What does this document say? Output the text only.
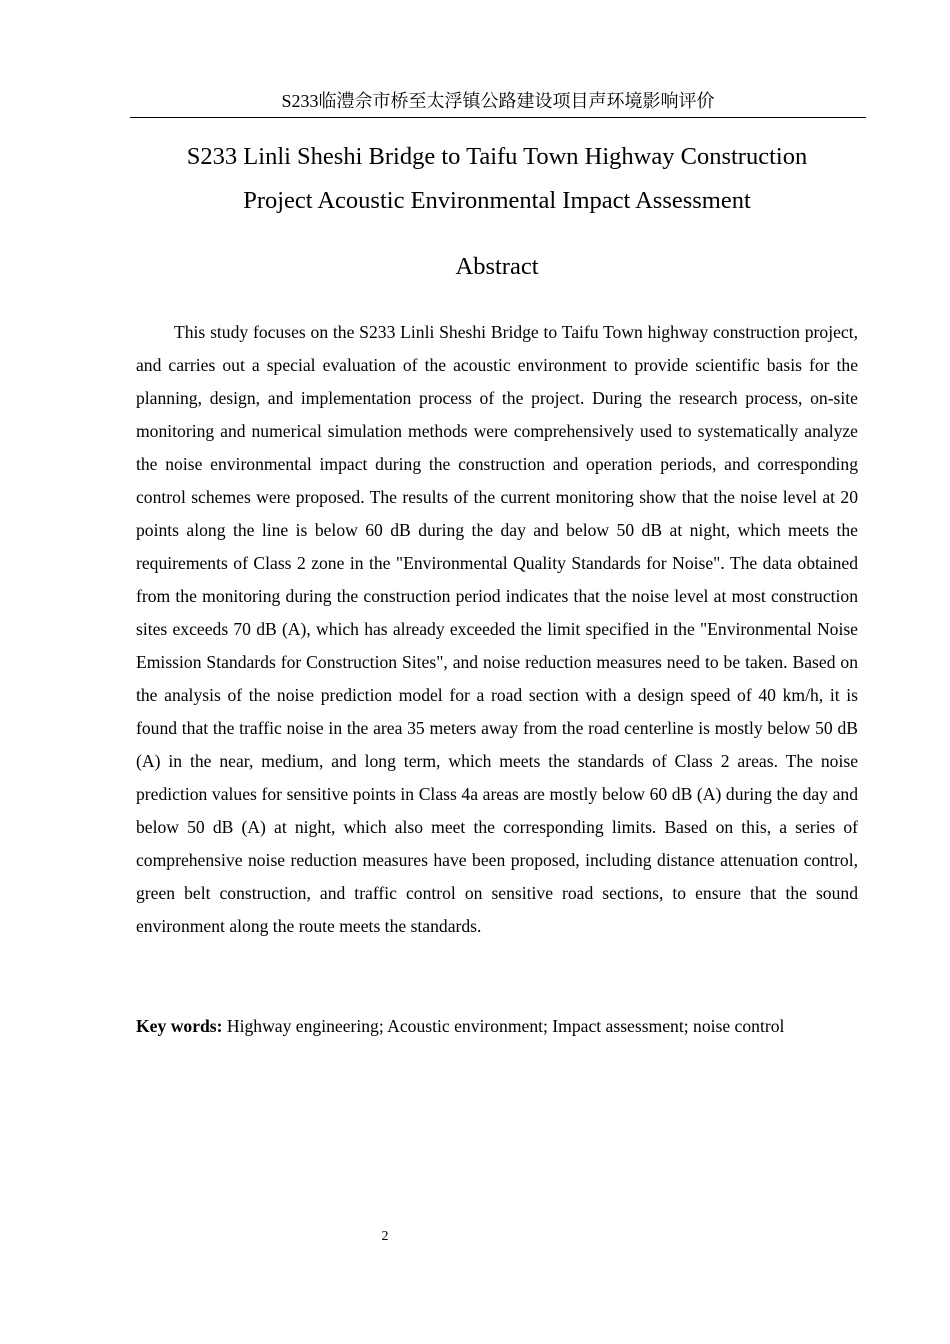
S233临澧佘市桥至太浮镇公路建设项目声环境影响评价
S233 Linli Sheshi Bridge to Taifu Town Highway Construction
Project Acoustic Environmental Impact Assessment
Abstract

This study focuses on the S233 Linli Sheshi Bridge to Taifu Town highway construction project, and carries out a special evaluation of the acoustic environment to provide scientific basis for the planning, design, and implementation process of the project. During the research process, on-site monitoring and numerical simulation methods were comprehensively used to systematically analyze the noise environmental impact during the construction and operation periods, and corresponding control schemes were proposed. The results of the current monitoring show that the noise level at 20 points along the line is below 60 dB during the day and below 50 dB at night, which meets the requirements of Class 2 zone in the "Environmental Quality Standards for Noise". The data obtained from the monitoring during the construction period indicates that the noise level at most construction sites exceeds 70 dB (A), which has already exceeded the limit specified in the "Environmental Noise Emission Standards for Construction Sites", and noise reduction measures need to be taken. Based on the analysis of the noise prediction model for a road section with a design speed of 40 km/h, it is found that the traffic noise in the area 35 meters away from the road centerline is mostly below 50 dB (A) in the near, medium, and long term, which meets the standards of Class 2 areas. The noise prediction values for sensitive points in Class 4a areas are mostly below 60 dB (A) during the day and below 50 dB (A) at night, which also meet the corresponding limits. Based on this, a series of comprehensive noise reduction measures have been proposed, including distance attenuation control, green belt construction, and traffic control on sensitive road sections, to ensure that the sound environment along the route meets the standards.

Key words: Highway engineering; Acoustic environment; Impact assessment; noise control

2
